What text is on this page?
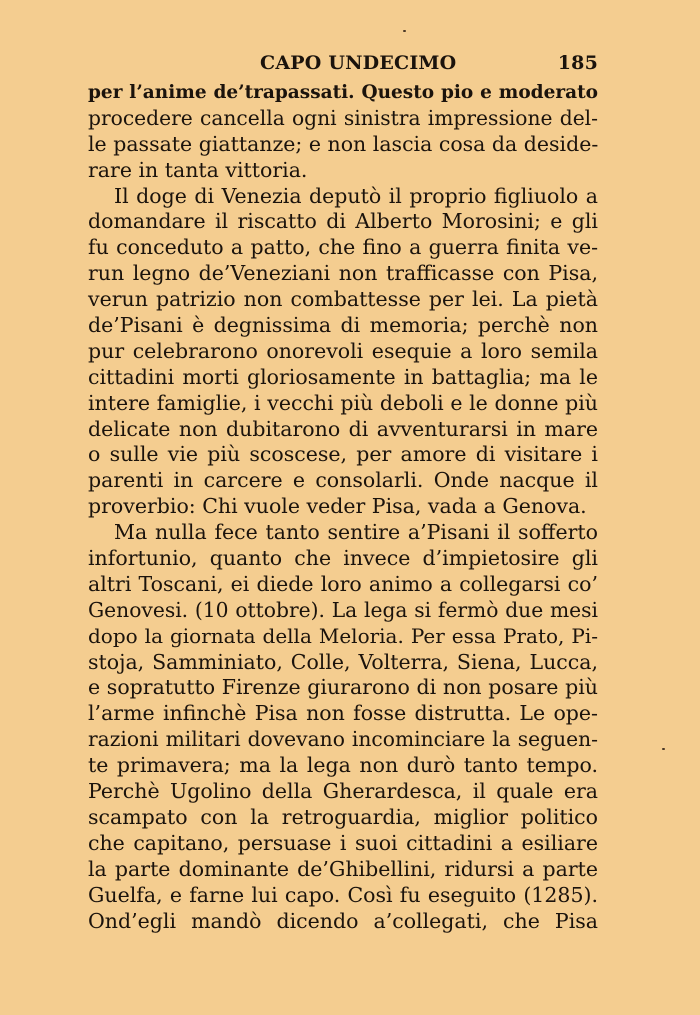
CAPO UNDECIMO	185
per l’anime de’trapassati. Questo pio e moderato
procedere cancella ogni sinistra impressione del-
le passate giattanze; e non lascia cosa da deside-
rare in tanta vittoria.
Il doge di Venezia deputò il proprio figliuolo a
domandare il riscatto di Alberto Morosini; e gli
fu conceduto a patto, che fino a guerra finita ve-
run legno de’Veneziani non trafficasse con Pisa,
verun patrizio non combattesse per lei. La pietà
de’Pisani è degnissima di memoria; perchè non
pur celebrarono onorevoli esequie a loro semila
cittadini morti gloriosamente in battaglia; ma le
intere famiglie, i vecchi più deboli e le donne più
delicate non dubitarono di avventurarsi in mare
o sulle vie più scoscese, per amore di visitare i
parenti in carcere e consolarli. Onde nacque il
proverbio: Chi vuole veder Pisa, vada a Genova.
Ma nulla fece tanto sentire a’Pisani il sofferto
infortunio, quanto che invece d’impietosire gli
altri Toscani, ei diede loro animo a collegarsi co’
Genovesi. (10 ottobre). La lega si fermò due mesi
dopo la giornata della Meloria. Per essa Prato, Pi-
stoja, Samminiato, Colle, Volterra, Siena, Lucca,
e sopratutto Firenze giurarono di non posare più
l’arme infinchè Pisa non fosse distrutta. Le ope-
razioni militari dovevano incominciare la seguen-
te primavera; ma la lega non durò tanto tempo.
Perchè Ugolino della Gherardesca, il quale era
scampato con la retroguardia, miglior politico
che capitano, persuase i suoi cittadini a esiliare
la parte dominante de’Ghibellini, ridursi a parte
Guelfa, e farne lui capo. Così fu eseguito (1285).
Ond’egli mandò dicendo a’collegati, che Pisa
